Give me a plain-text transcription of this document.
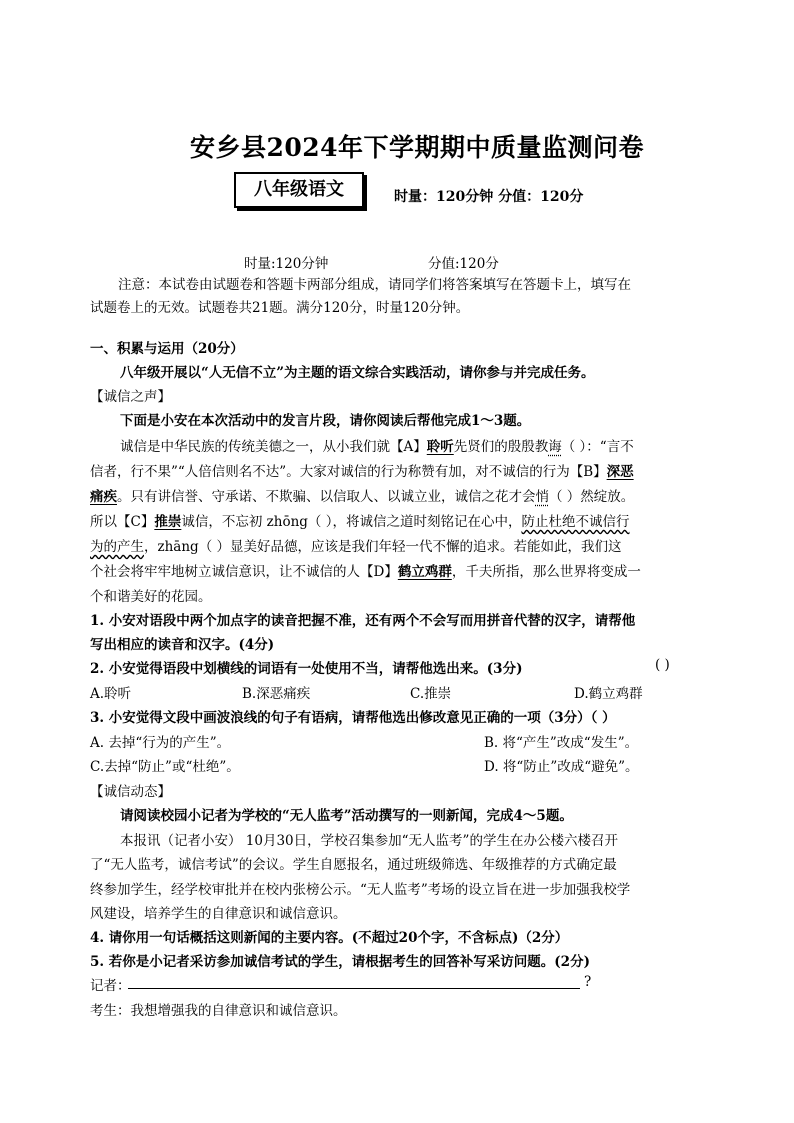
安乡县2024年下学期期中质量监测问卷
八年级语文	时量：120分钟 分值：120分
时量:120分钟	分值:120分

注意：本试卷由试题卷和答题卡两部分组成，请同学们将答案填写在答题卡上，填写在

试题卷上的无效。试题卷共21题。满分120分，时量120分钟。

一、积累与运用（20分）

八年级开展以“人无信不立”为主题的语文综合实践活动，请你参与并完成任务。

【诚信之声】

下面是小安在本次活动中的发言片段，请你阅读后帮他完成1～3题。

诚信是中华民族的传统美德之一，从小我们就【A】聆听先贤们的殷殷教诲（ ）：“言不

信者，行不果”“人倍信则名不达”。大家对诚信的行为称赞有加，对不诚信的行为【B】深恶

痛疾。只有讲信誉、守承诺、不欺骗、以信取人、以诚立业，诚信之花才会悄（ ）然绽放。

所以【C】推崇诚信，不忘初 zhōng（ ），将诚信之道时刻铭记在心中，防止杜绝不诚信行

为的产生，zhāng（ ）显美好品德，应该是我们年轻一代不懈的追求。若能如此，我们这

个社会将牢牢地树立诚信意识，让不诚信的人【D】鹤立鸡群，千夫所指，那么世界将变成一

个和谐美好的花园。

1. 小安对语段中两个加点字的读音把握不准，还有两个不会写而用拼音代替的汉字，请帮他

写出相应的读音和汉字。(4分)

2. 小安觉得语段中划横线的词语有一处使用不当，请帮他选出来。(3分)	( )

A.聆听	B.深恶痛疾	C.推崇	D.鹤立鸡群

3. 小安觉得文段中画波浪线的句子有语病，请帮他选出修改意见正确的一项（3分）（ ）

A. 去掉“行为的产生”。	B. 将“产生”改成“发生”。

C.去掉“防止”或“杜绝”。	D. 将“防止”改成“避免”。

【诚信动态】

请阅读校园小记者为学校的“无人监考”活动撰写的一则新闻，完成4～5题。

本报讯（记者小安） 10月30日，学校召集参加“无人监考”的学生在办公楼六楼召开

了“无人监考，诚信考试”的会议。学生自愿报名，通过班级筛选、年级推荐的方式确定最

终参加学生，经学校审批并在校内张榜公示。“无人监考”考场的设立旨在进一步加强我校学

风建设，培养学生的自律意识和诚信意识。

4. 请你用一句话概括这则新闻的主要内容。(不超过20个字，不含标点)（2分）

5. 若你是小记者采访参加诚信考试的学生，请根据考生的回答补写采访问题。(2分)

记者：	?

考生：我想增强我的自律意识和诚信意识。
